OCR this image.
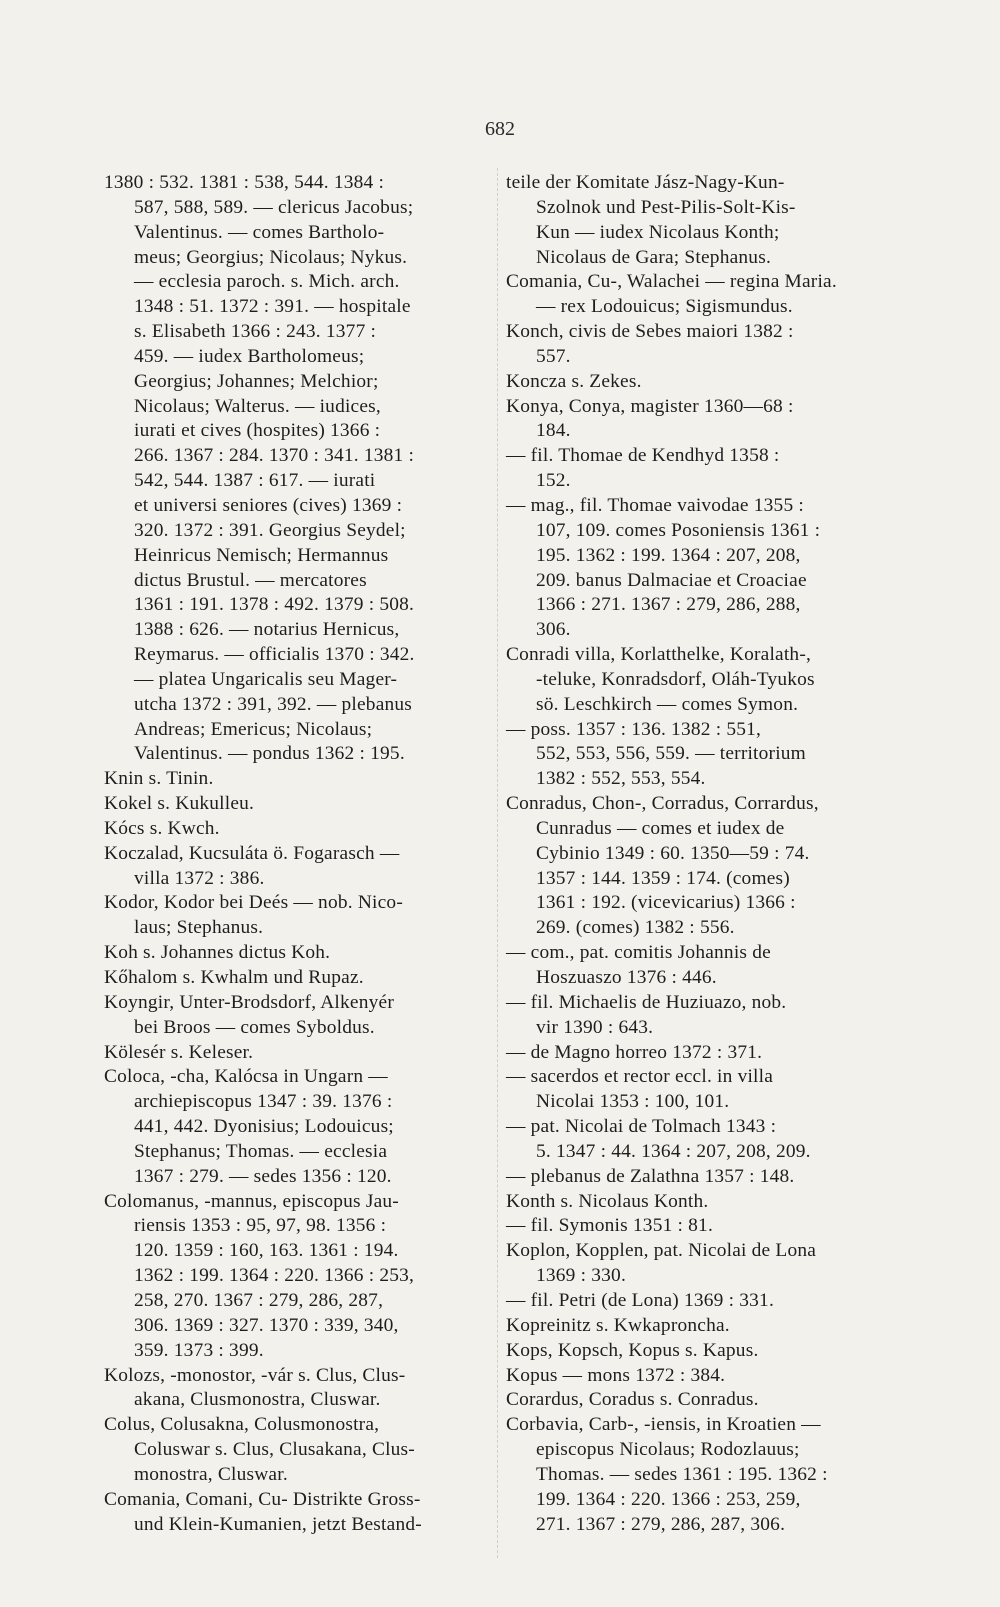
682
1380 : 532. 1381 : 538, 544. 1384 :
587, 588, 589. — clericus Jacobus;
Valentinus. — comes Bartholo-
meus; Georgius; Nicolaus; Nykus.
— ecclesia paroch. s. Mich. arch.
1348 : 51. 1372 : 391. — hospitale
s. Elisabeth 1366 : 243. 1377 :
459. — iudex Bartholomeus;
Georgius; Johannes; Melchior;
Nicolaus; Walterus. — iudices,
iurati et cives (hospites) 1366 :
266. 1367 : 284. 1370 : 341. 1381 :
542, 544. 1387 : 617. — iurati
et universi seniores (cives) 1369 :
320. 1372 : 391. Georgius Seydel;
Heinricus Nemisch; Hermannus
dictus Brustul. — mercatores
1361 : 191. 1378 : 492. 1379 : 508.
1388 : 626. — notarius Hernicus,
Reymarus. — officialis 1370 : 342.
— platea Ungaricalis seu Mager-
utcha 1372 : 391, 392. — plebanus
Andreas; Emericus; Nicolaus;
Valentinus. — pondus 1362 : 195.
Knin s. Tinin.
Kokel s. Kukulleu.
Kócs s. Kwch.
Koczalad, Kucsuláta ö. Fogarasch —
villa 1372 : 386.
Kodor, Kodor bei Deés — nob. Nico-
laus; Stephanus.
Koh s. Johannes dictus Koh.
Kőhalom s. Kwhalm und Rupaz.
Koyngir, Unter-Brodsdorf, Alkenyér
bei Broos — comes Syboldus.
Kölesér s. Keleser.
Coloca, -cha, Kalócsa in Ungarn —
archiepiscopus 1347 : 39. 1376 :
441, 442. Dyonisius; Lodouicus;
Stephanus; Thomas. — ecclesia
1367 : 279. — sedes 1356 : 120.
Colomanus, -mannus, episcopus Jau-
riensis 1353 : 95, 97, 98. 1356 :
120. 1359 : 160, 163. 1361 : 194.
1362 : 199. 1364 : 220. 1366 : 253,
258, 270. 1367 : 279, 286, 287,
306. 1369 : 327. 1370 : 339, 340,
359. 1373 : 399.
Kolozs, -monostor, -vár s. Clus, Clus-
akana, Clusmonostra, Cluswar.
Colus, Colusakna, Colusmonostra,
Coluswar s. Clus, Clusakana, Clus-
monostra, Cluswar.
Comania, Comani, Cu- Distrikte Gross-
und Klein-Kumanien, jetzt Bestand-
teile der Komitate Jász-Nagy-Kun-
Szolnok und Pest-Pilis-Solt-Kis-
Kun — iudex Nicolaus Konth;
Nicolaus de Gara; Stephanus.
Comania, Cu-, Walachei — regina Maria.
— rex Lodouicus; Sigismundus.
Konch, civis de Sebes maiori 1382 :
557.
Koncza s. Zekes.
Konya, Conya, magister 1360—68 :
184.
— fil. Thomae de Kendhyd 1358 :
152.
— mag., fil. Thomae vaivodae 1355 :
107, 109. comes Posoniensis 1361 :
195. 1362 : 199. 1364 : 207, 208,
209. banus Dalmaciae et Croaciae
1366 : 271. 1367 : 279, 286, 288,
306.
Conradi villa, Korlatthelke, Koralath-,
-teluke, Konradsdorf, Oláh-Tyukos
sö. Leschkirch — comes Symon.
— poss. 1357 : 136. 1382 : 551,
552, 553, 556, 559. — territorium
1382 : 552, 553, 554.
Conradus, Chon-, Corradus, Corrardus,
Cunradus — comes et iudex de
Cybinio 1349 : 60. 1350—59 : 74.
1357 : 144. 1359 : 174. (comes)
1361 : 192. (vicevicarius) 1366 :
269. (comes) 1382 : 556.
— com., pat. comitis Johannis de
Hoszuaszo 1376 : 446.
— fil. Michaelis de Huziuazo, nob.
vir 1390 : 643.
— de Magno horreo 1372 : 371.
— sacerdos et rector eccl. in villa
Nicolai 1353 : 100, 101.
— pat. Nicolai de Tolmach 1343 :
5. 1347 : 44. 1364 : 207, 208, 209.
— plebanus de Zalathna 1357 : 148.
Konth s. Nicolaus Konth.
— fil. Symonis 1351 : 81.
Koplon, Kopplen, pat. Nicolai de Lona
1369 : 330.
— fil. Petri (de Lona) 1369 : 331.
Kopreinitz s. Kwkaproncha.
Kops, Kopsch, Kopus s. Kapus.
Kopus — mons 1372 : 384.
Corardus, Coradus s. Conradus.
Corbavia, Carb-, -iensis, in Kroatien —
episcopus Nicolaus; Rodozlauus;
Thomas. — sedes 1361 : 195. 1362 :
199. 1364 : 220. 1366 : 253, 259,
271. 1367 : 279, 286, 287, 306.
